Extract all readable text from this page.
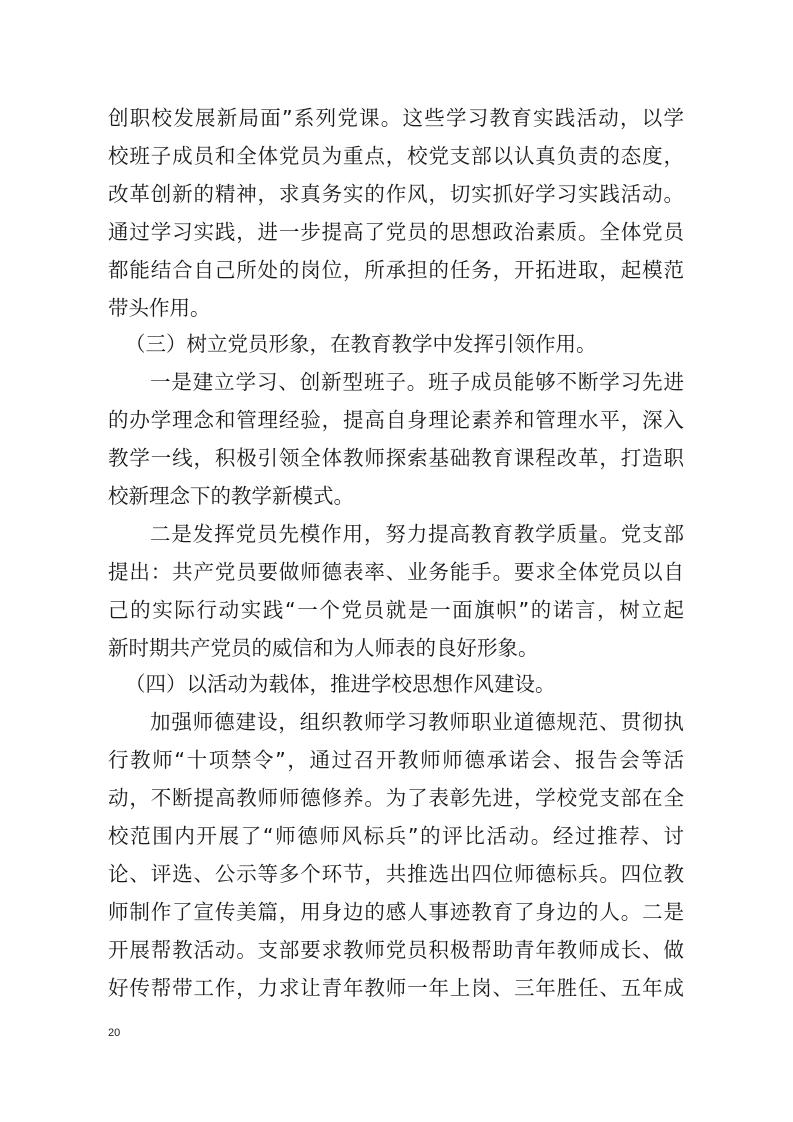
创职校发展新局面”系列党课。这些学习教育实践活动，以学
校班子成员和全体党员为重点，校党支部以认真负责的态度，
改革创新的精神，求真务实的作风，切实抓好学习实践活动。
通过学习实践，进一步提高了党员的思想政治素质。全体党员
都能结合自己所处的岗位，所承担的任务，开拓进取，起模范
带头作用。
（三）树立党员形象，在教育教学中发挥引领作用。
一是建立学习、创新型班子。班子成员能够不断学习先进
的办学理念和管理经验，提高自身理论素养和管理水平，深入
教学一线，积极引领全体教师探索基础教育课程改革，打造职
校新理念下的教学新模式。
二是发挥党员先模作用，努力提高教育教学质量。党支部
提出：共产党员要做师德表率、业务能手。要求全体党员以自
己的实际行动实践“一个党员就是一面旗帜”的诺言，树立起
新时期共产党员的威信和为人师表的良好形象。
（四）以活动为载体，推进学校思想作风建设。
加强师德建设，组织教师学习教师职业道德规范、贯彻执
行教师“十项禁令”，通过召开教师师德承诺会、报告会等活
动，不断提高教师师德修养。为了表彰先进，学校党支部在全
校范围内开展了“师德师风标兵”的评比活动。经过推荐、讨
论、评选、公示等多个环节，共推选出四位师德标兵。四位教
师制作了宣传美篇，用身边的感人事迹教育了身边的人。二是
开展帮教活动。支部要求教师党员积极帮助青年教师成长、做
好传帮带工作，力求让青年教师一年上岗、三年胜任、五年成
20
